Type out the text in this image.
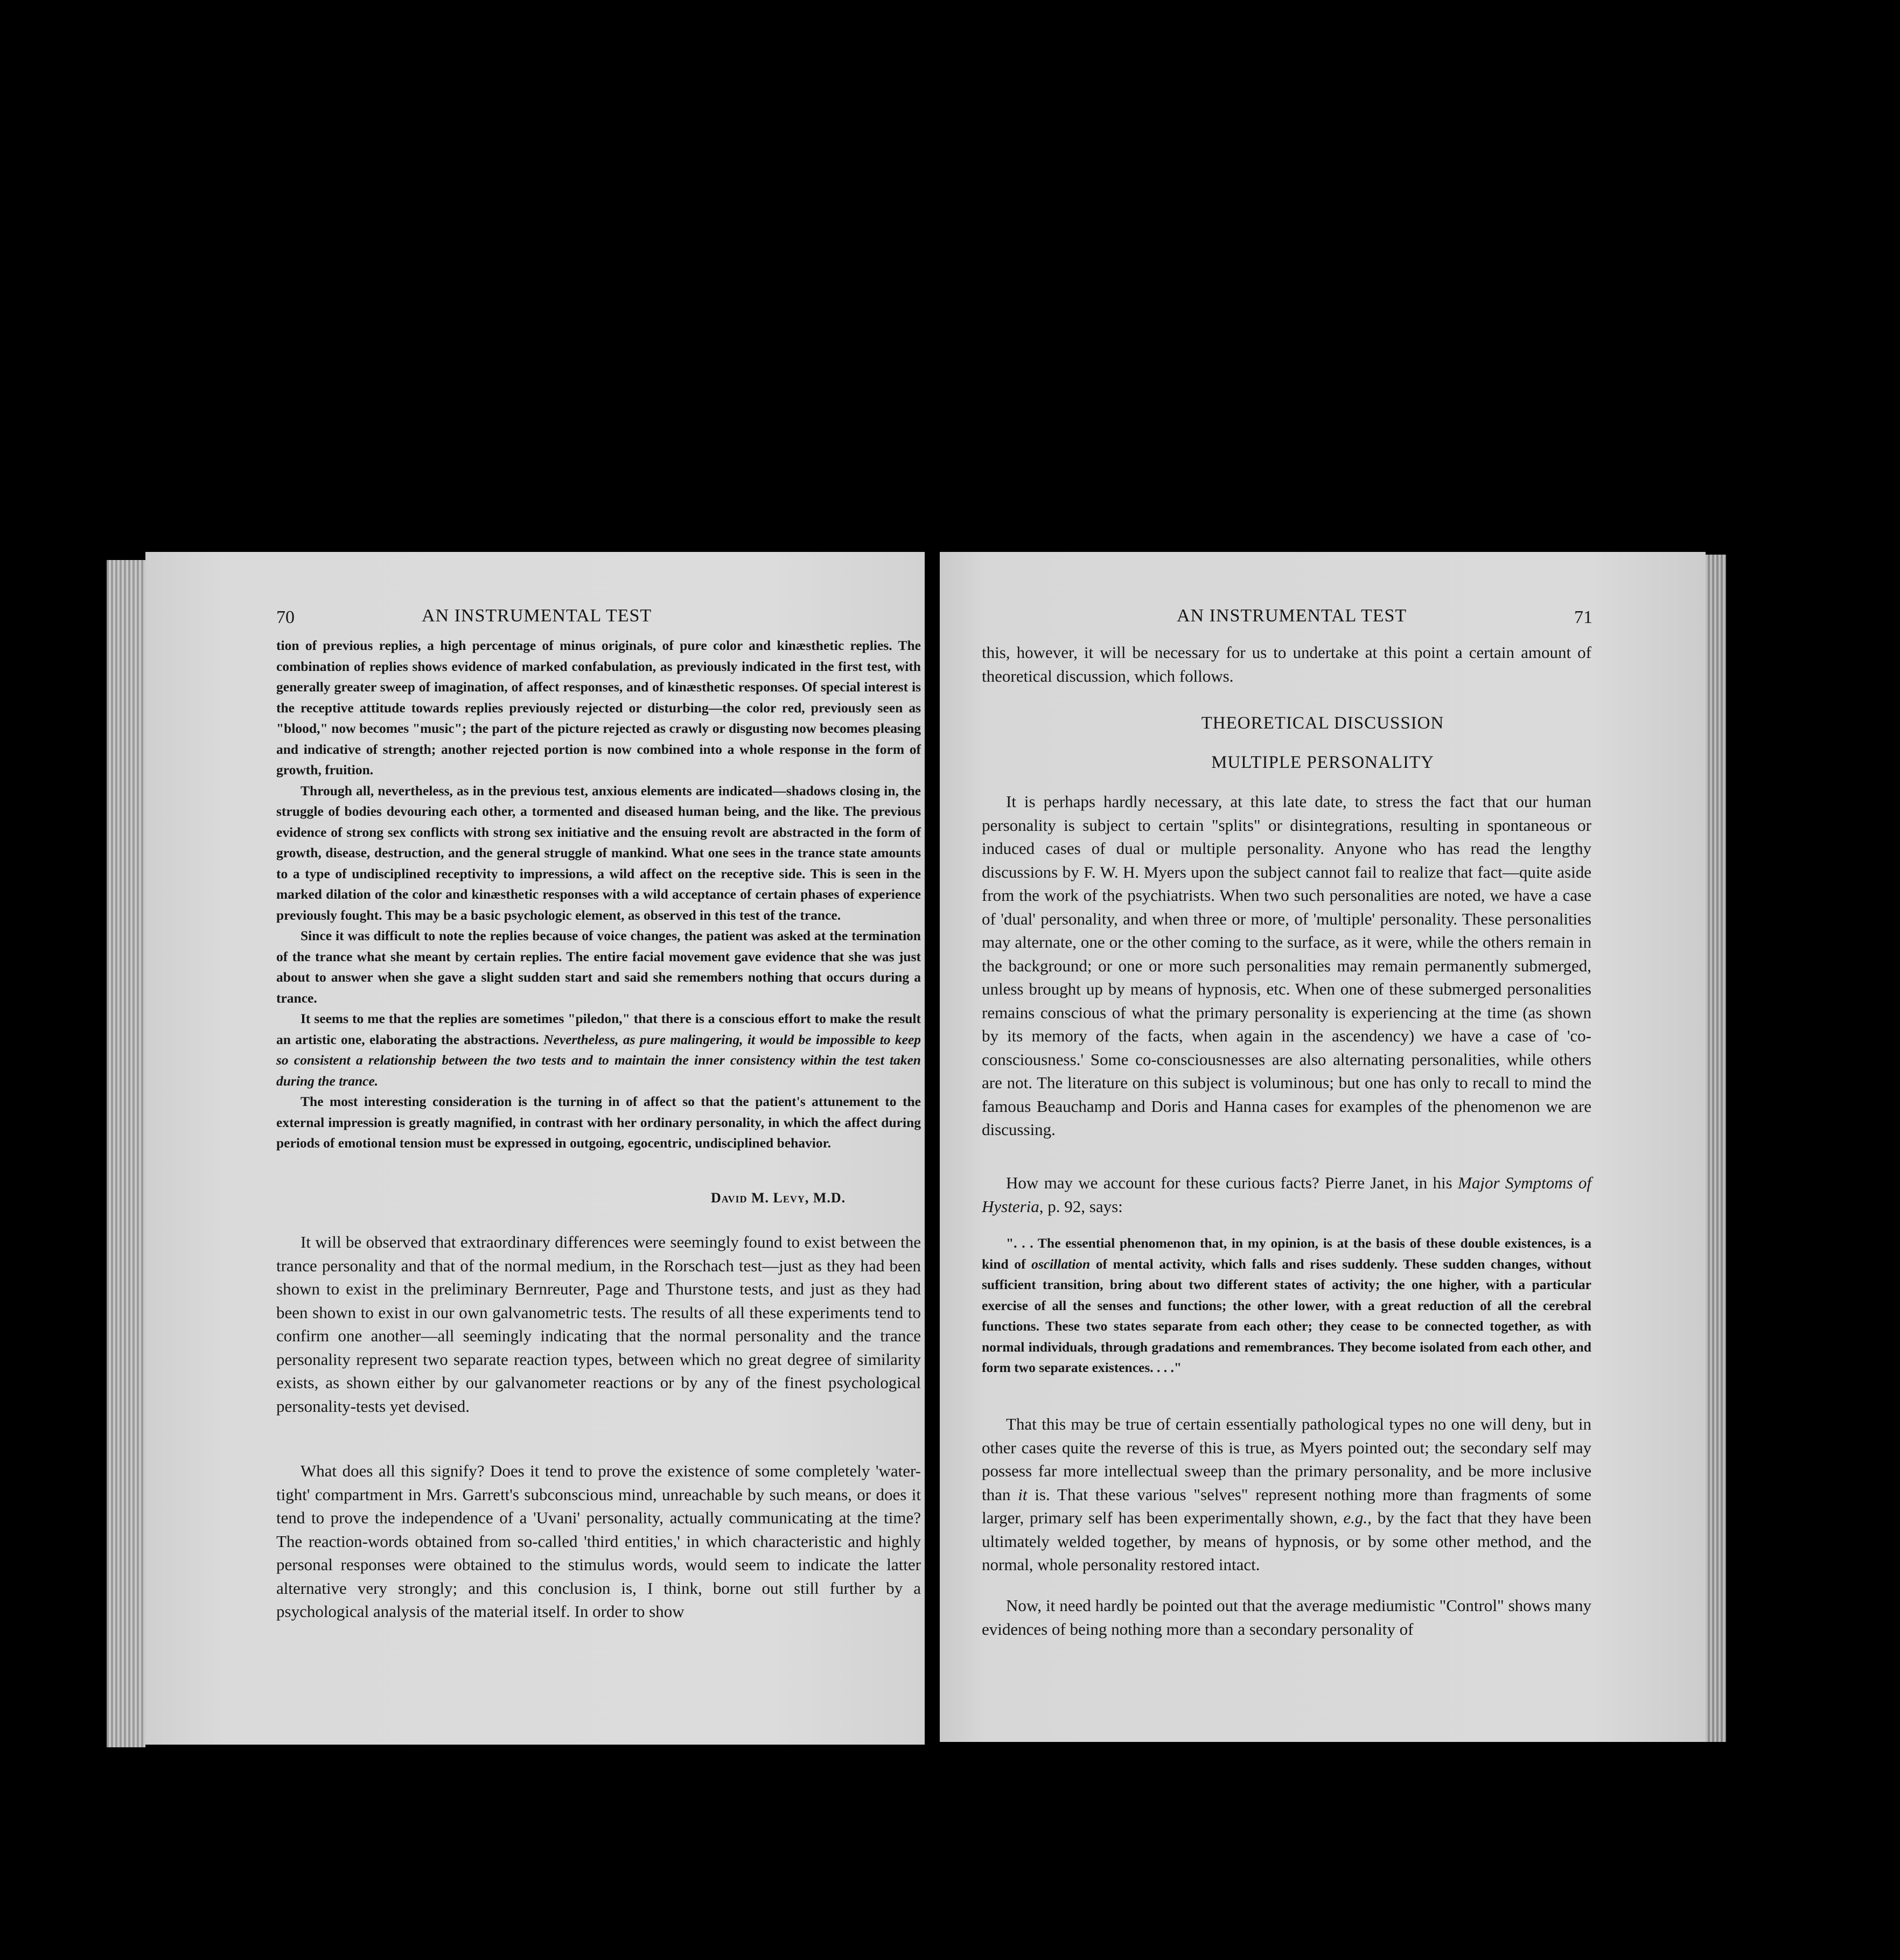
70	AN INSTRUMENTAL TEST

tion of previous replies, a high percentage of minus originals, of pure color and kinæsthetic replies. The combination of replies shows evidence of marked confabulation, as previously indicated in the first test, with generally greater sweep of imagination, of affect responses, and of kinæsthetic responses. Of special interest is the receptive attitude towards replies previously rejected or disturbing—the color red, previously seen as "blood," now becomes "music"; the part of the picture rejected as crawly or disgusting now becomes pleasing and indicative of strength; another rejected portion is now combined into a whole response in the form of growth, fruition.

Through all, nevertheless, as in the previous test, anxious elements are indicated—shadows closing in, the struggle of bodies devouring each other, a tormented and diseased human being, and the like. The previous evidence of strong sex conflicts with strong sex initiative and the ensuing revolt are abstracted in the form of growth, disease, destruction, and the general struggle of mankind. What one sees in the trance state amounts to a type of undisciplined receptivity to impressions, a wild affect on the receptive side. This is seen in the marked dilation of the color and kinæsthetic responses with a wild acceptance of certain phases of experience previously fought. This may be a basic psychologic element, as observed in this test of the trance.

Since it was difficult to note the replies because of voice changes, the patient was asked at the termination of the trance what she meant by certain replies. The entire facial movement gave evidence that she was just about to answer when she gave a slight sudden start and said she remembers nothing that occurs during a trance.

It seems to me that the replies are sometimes "piledon," that there is a conscious effort to make the result an artistic one, elaborating the abstractions. Nevertheless, as pure malingering, it would be impossible to keep so consistent a relationship between the two tests and to maintain the inner consistency within the test taken during the trance.

The most interesting consideration is the turning in of affect so that the patient's attunement to the external impression is greatly magnified, in contrast with her ordinary personality, in which the affect during periods of emotional tension must be expressed in outgoing, egocentric, undisciplined behavior.

David M. Levy, M.D.

It will be observed that extraordinary differences were seemingly found to exist between the trance personality and that of the normal medium, in the Rorschach test—just as they had been shown to exist in the preliminary Bernreuter, Page and Thurstone tests, and just as they had been shown to exist in our own galvanometric tests. The results of all these experiments tend to confirm one another—all seemingly indicating that the normal personality and the trance personality represent two separate reaction types, between which no great degree of similarity exists, as shown either by our galvanometer reactions or by any of the finest psychological personality-tests yet devised.

What does all this signify? Does it tend to prove the existence of some completely 'water-tight' compartment in Mrs. Garrett's subconscious mind, unreachable by such means, or does it tend to prove the independence of a 'Uvani' personality, actually communicating at the time? The reaction-words obtained from so-called 'third entities,' in which characteristic and highly personal responses were obtained to the stimulus words, would seem to indicate the latter alternative very strongly; and this conclusion is, I think, borne out still further by a psychological analysis of the material itself. In order to show

AN INSTRUMENTAL TEST	71

this, however, it will be necessary for us to undertake at this point a certain amount of theoretical discussion, which follows.

THEORETICAL DISCUSSION
MULTIPLE PERSONALITY

It is perhaps hardly necessary, at this late date, to stress the fact that our human personality is subject to certain "splits" or disintegrations, resulting in spontaneous or induced cases of dual or multiple personality. Anyone who has read the lengthy discussions by F. W. H. Myers upon the subject cannot fail to realize that fact—quite aside from the work of the psychiatrists. When two such personalities are noted, we have a case of 'dual' personality, and when three or more, of 'multiple' personality. These personalities may alternate, one or the other coming to the surface, as it were, while the others remain in the background; or one or more such personalities may remain permanently submerged, unless brought up by means of hypnosis, etc. When one of these submerged personalities remains conscious of what the primary personality is experiencing at the time (as shown by its memory of the facts, when again in the ascendency) we have a case of 'co-consciousness.' Some co-consciousnesses are also alternating personalities, while others are not. The literature on this subject is voluminous; but one has only to recall to mind the famous Beauchamp and Doris and Hanna cases for examples of the phenomenon we are discussing.

How may we account for these curious facts? Pierre Janet, in his Major Symptoms of Hysteria, p. 92, says:

". . . The essential phenomenon that, in my opinion, is at the basis of these double existences, is a kind of oscillation of mental activity, which falls and rises suddenly. These sudden changes, without sufficient transition, bring about two different states of activity; the one higher, with a particular exercise of all the senses and functions; the other lower, with a great reduction of all the cerebral functions. These two states separate from each other; they cease to be connected together, as with normal individuals, through gradations and remembrances. They become isolated from each other, and form two separate existences. . . ."

That this may be true of certain essentially pathological types no one will deny, but in other cases quite the reverse of this is true, as Myers pointed out; the secondary self may possess far more intellectual sweep than the primary personality, and be more inclusive than it is. That these various "selves" represent nothing more than fragments of some larger, primary self has been experimentally shown, e.g., by the fact that they have been ultimately welded together, by means of hypnosis, or by some other method, and the normal, whole personality restored intact.

Now, it need hardly be pointed out that the average mediumistic "Control" shows many evidences of being nothing more than a secondary personality of
